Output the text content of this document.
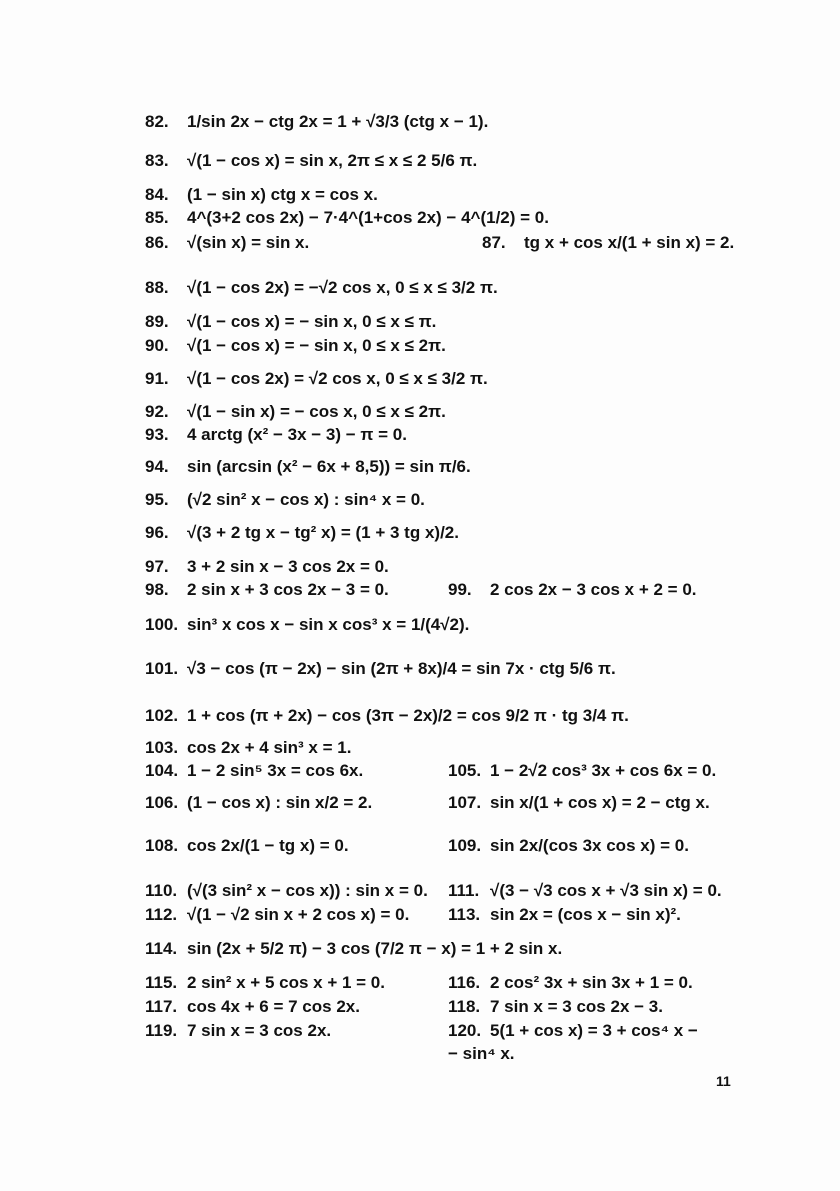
82. 1/sin 2x − ctg 2x = 1 + √3/3 (ctg x − 1).
83. √(1 − cos x) = sin x, 2π ≤ x ≤ 2 5/6 π.
84. (1 − sin x) ctg x = cos x.
85. 4^(3+2 cos 2x) − 7·4^(1+cos 2x) − 4^(1/2) = 0.
86. √(sin x) = sin x.	87. tg x + cos x/(1 + sin x) = 2.
88. √(1 − cos 2x) = −√2 cos x, 0 ≤ x ≤ 3/2 π.
89. √(1 − cos x) = − sin x, 0 ≤ x ≤ π.
90. √(1 − cos x) = − sin x, 0 ≤ x ≤ 2π.
91. √(1 − cos 2x) = √2 cos x, 0 ≤ x ≤ 3/2 π.
92. √(1 − sin x) = − cos x, 0 ≤ x ≤ 2π.
93. 4 arctg (x² − 3x − 3) − π = 0.
94. sin (arcsin (x² − 6x + 8,5)) = sin π/6.
95. (√2 sin² x − cos x) : sin⁴ x = 0.
96. √(3 + 2 tg x − tg² x) = (1 + 3 tg x)/2.
97. 3 + 2 sin x − 3 cos 2x = 0.
98. 2 sin x + 3 cos 2x − 3 = 0.	99. 2 cos 2x − 3 cos x + 2 = 0.
100. sin³ x cos x − sin x cos³ x = 1/(4√2).
101. √3 − cos (π − 2x) − sin (2π + 8x)/4 = sin 7x · ctg 5/6 π.
102. 1 + cos (π + 2x) − cos (3π − 2x)/2 = cos 9/2 π · tg 3/4 π.
103. cos 2x + 4 sin³ x = 1.
104. 1 − 2 sin⁵ 3x = cos 6x.	105. 1 − 2√2 cos³ 3x + cos 6x = 0.
106. (1 − cos x) : sin x/2 = 2.	107. sin x/(1 + cos x) = 2 − ctg x.
108. cos 2x/(1 − tg x) = 0.	109. sin 2x/(cos 3x cos x) = 0.
110. (√(3 sin² x − cos x)) : sin x = 0. 111. √(3 − √3 cos x + √3 sin x) = 0.
112. √(1 − √2 sin x + 2 cos x) = 0. 113. sin 2x = (cos x − sin x)².
114. sin (2x + 5/2 π) − 3 cos (7/2 π − x) = 1 + 2 sin x.
115. 2 sin² x + 5 cos x + 1 = 0.	116. 2 cos² 3x + sin 3x + 1 = 0.
117. cos 4x + 6 = 7 cos 2x.	118. 7 sin x = 3 cos 2x − 3.
119. 7 sin x = 3 cos 2x.	120. 5(1 + cos x) = 3 + cos⁴ x −
− sin⁴ x.
11
